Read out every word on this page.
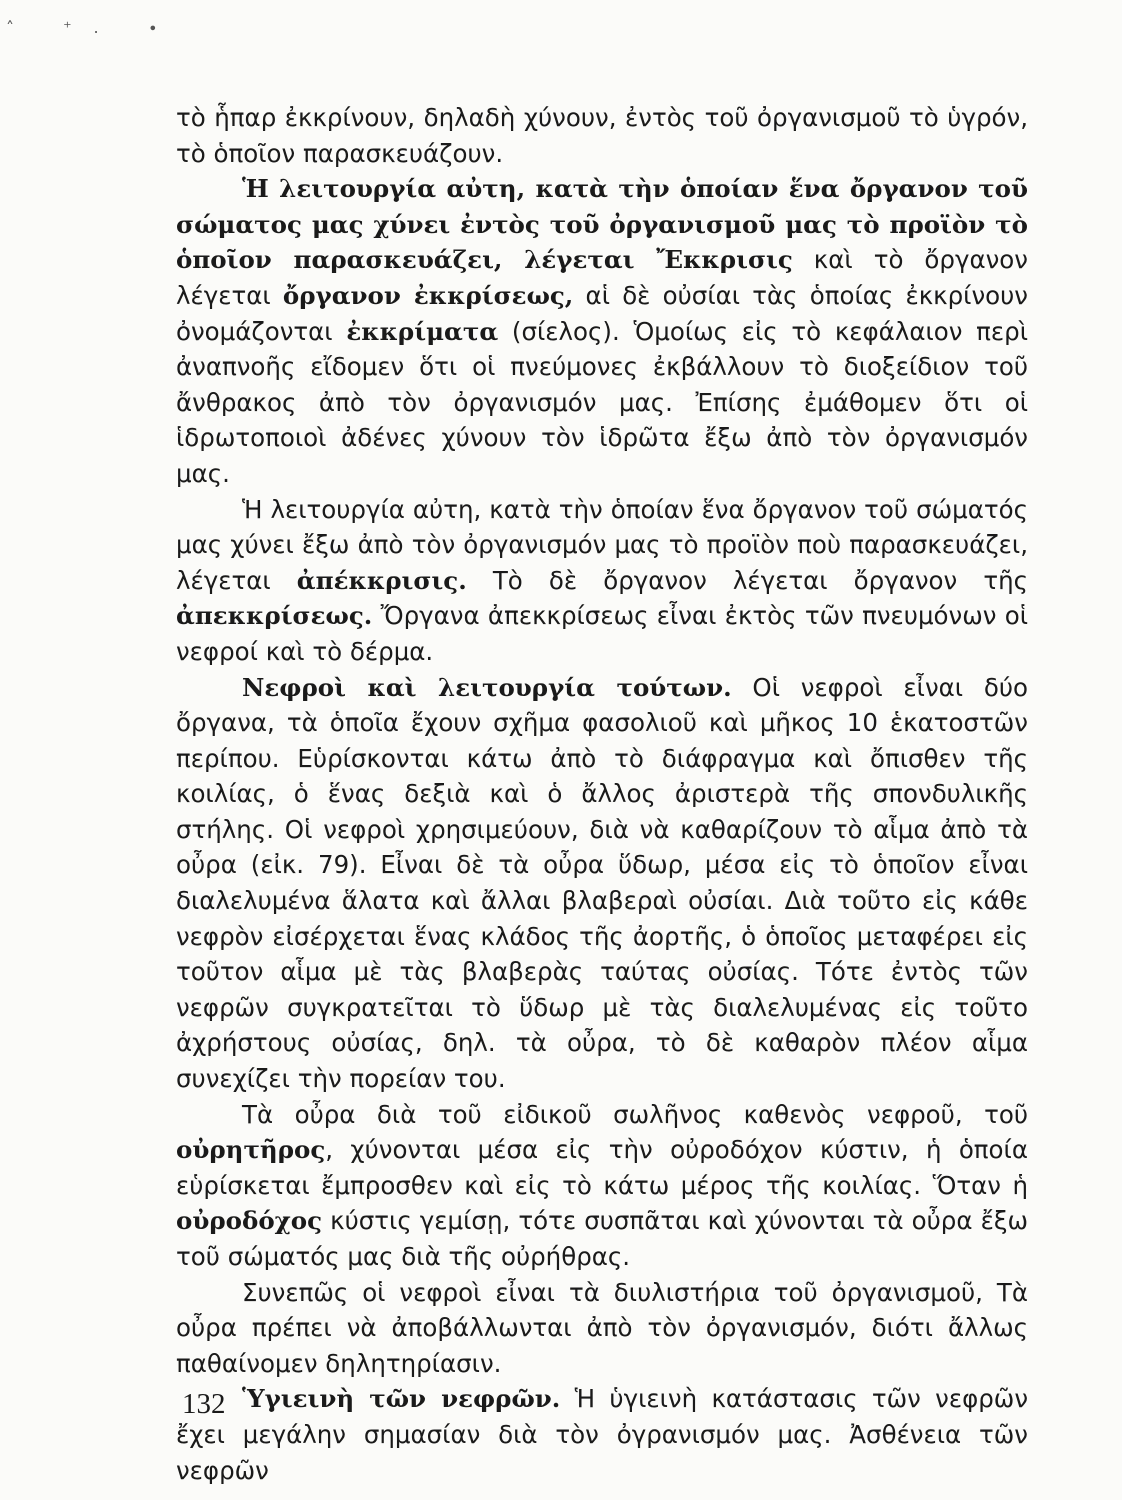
˄ ⁺. ∙

τὸ ἧπαρ ἐκκρίνουν, δηλαδὴ χύνουν, ἐντὸς τοῦ ὀργανισμοῦ τὸ ὑγρόν, τὸ ὁποῖον παρασκευάζουν.

Ἡ λειτουργία αὐτη, κατὰ τὴν ὁποίαν ἕνα ὄργανον τοῦ σώματος μας χύνει ἐντὸς τοῦ ὀργανισμοῦ μας τὸ προϊὸν τὸ ὁποῖον παρασκευάζει, λέγεται Ἔκκρισις καὶ τὸ ὄργανον λέγεται ὄργανον ἐκκρίσεως, αἱ δὲ οὐσίαι τὰς ὁποίας ἐκκρίνουν ὀνομάζονται ἐκκρίματα (σίελος). Ὁμοίως εἰς τὸ κεφάλαιον περὶ ἀναπνοῆς εἴδομεν ὅτι οἱ πνεύμονες ἐκβάλλουν τὸ διοξείδιον τοῦ ἄνθρακος ἀπὸ τὸν ὀργανισμόν μας. Ἐπίσης ἐμάθομεν ὅτι οἱ ἱδρωτοποιοὶ ἀδένες χύνουν τὸν ἱδρῶτα ἔξω ἀπὸ τὸν ὀργανισμόν μας.

Ἡ λειτουργία αὐτη, κατὰ τὴν ὁποίαν ἕνα ὄργανον τοῦ σώματός μας χύνει ἔξω ἀπὸ τὸν ὀργανισμόν μας τὸ προϊὸν ποὺ παρασκευάζει, λέγεται ἀπέκκρισις. Τὸ δὲ ὄργανον λέγεται ὄργανον τῆς ἀπεκκρίσεως. Ὄργανα ἀπεκκρίσεως εἶναι ἐκτὸς τῶν πνευμόνων οἱ νεφροί καὶ τὸ δέρμα.

Νεφροὶ καὶ λειτουργία τούτων. Οἱ νεφροὶ εἶναι δύο ὄργανα, τὰ ὁποῖα ἔχουν σχῆμα φασολιοῦ καὶ μῆκος 10 ἑκατοστῶν περίπου. Εὑρίσκονται κάτω ἀπὸ τὸ διάφραγμα καὶ ὄπισθεν τῆς κοιλίας, ὁ ἕνας δεξιὰ καὶ ὁ ἄλλος ἀριστερὰ τῆς σπονδυλικῆς στήλης. Οἱ νεφροὶ χρησιμεύουν, διὰ νὰ καθαρίζουν τὸ αἷμα ἀπὸ τὰ οὖρα (εἰκ. 79). Εἶναι δὲ τὰ οὖρα ὕδωρ, μέσα εἰς τὸ ὁποῖον εἶναι διαλελυμένα ἅλατα καὶ ἄλλαι βλαβεραὶ οὐσίαι. Διὰ τοῦτο εἰς κάθε νεφρὸν εἰσέρχεται ἕνας κλάδος τῆς ἀορτῆς, ὁ ὁποῖος μεταφέρει εἰς τοῦτον αἷμα μὲ τὰς βλαβερὰς ταύτας οὐσίας. Τότε ἐντὸς τῶν νεφρῶν συγκρατεῖται τὸ ὕδωρ μὲ τὰς διαλελυμένας εἰς τοῦτο ἀχρήστους οὐσίας, δηλ. τὰ οὖρα, τὸ δὲ καθαρὸν πλέον αἷμα συνεχίζει τὴν πορείαν του.

Τὰ οὖρα διὰ τοῦ εἰδικοῦ σωλῆνος καθενὸς νεφροῦ, τοῦ οὐρητῆρος, χύνονται μέσα εἰς τὴν οὐροδόχον κύστιν, ἡ ὁποία εὑρίσκεται ἔμπροσθεν καὶ εἰς τὸ κάτω μέρος τῆς κοιλίας. Ὅταν ἡ οὐροδόχος κύστις γεμίσῃ, τότε συσπᾶται καὶ χύνονται τὰ οὖρα ἔξω τοῦ σώματός μας διὰ τῆς οὐρήθρας.

Συνεπῶς οἱ νεφροὶ εἶναι τὰ διυλιστήρια τοῦ ὀργανισμοῦ, Τὰ οὖρα πρέπει νὰ ἀποβάλλωνται ἀπὸ τὸν ὀργανισμόν, διότι ἄλλως παθαίνομεν δηλητηρίασιν.

Ὑγιεινὴ τῶν νεφρῶν. Ἡ ὑγιεινὴ κατάστασις τῶν νεφρῶν ἔχει μεγάλην σημασίαν διὰ τὸν ὀγρανισμόν μας. Ἀσθένεια τῶν νεφρῶν

132
